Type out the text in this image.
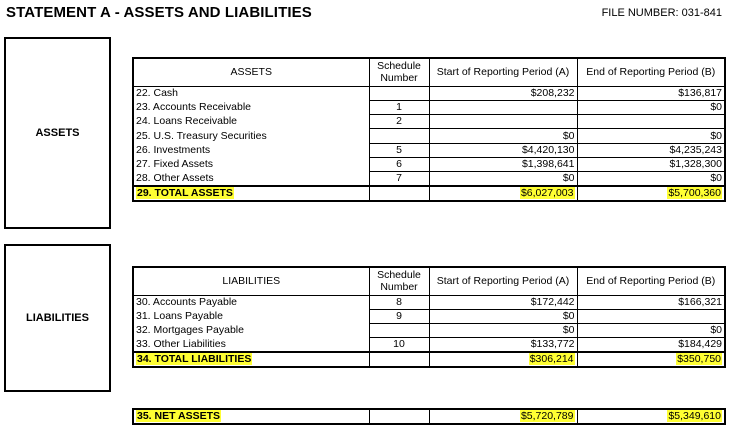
STATEMENT A - ASSETS AND LIABILITIES	FILE NUMBER: 031-841
ASSETS
LIABILITIES
ASSETS	Schedule Number	Start of Reporting Period (A)	End of Reporting Period (B)
22. Cash		$208,232	$136,817
23. Accounts Receivable	1		$0
24. Loans Receivable	2		
25. U.S. Treasury Securities		$0	$0
26. Investments	5	$4,420,130	$4,235,243
27. Fixed Assets	6	$1,398,641	$1,328,300
28. Other Assets	7	$0	$0
29. TOTAL ASSETS		$6,027,003	$5,700,360
LIABILITIES	Schedule Number	Start of Reporting Period (A)	End of Reporting Period (B)
30. Accounts Payable	8	$172,442	$166,321
31. Loans Payable	9	$0	
32. Mortgages Payable		$0	$0
33. Other Liabilities	10	$133,772	$184,429
34. TOTAL LIABILITIES		$306,214	$350,750
35. NET ASSETS		$5,720,789	$5,349,610
